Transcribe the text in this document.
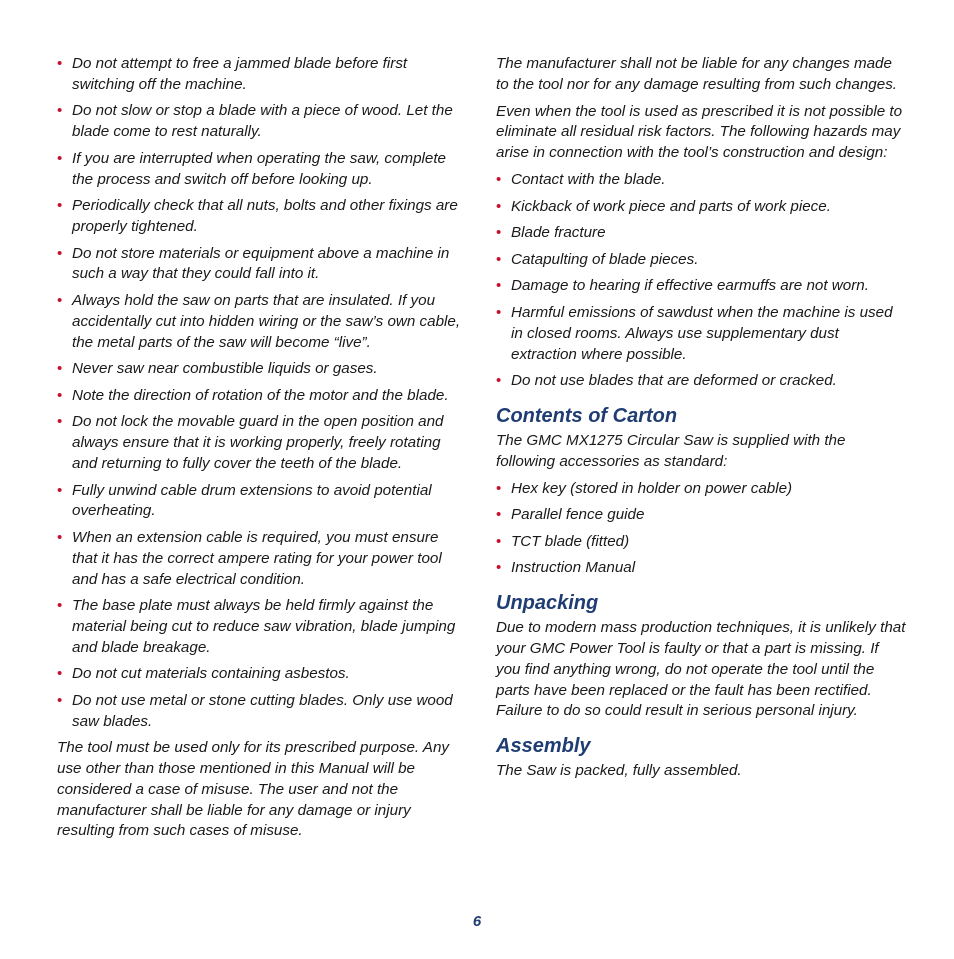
• Do not attempt to free a jammed blade before first switching off the machine.
• Do not slow or stop a blade with a piece of wood. Let the blade come to rest naturally.
• If you are interrupted when operating the saw, complete the process and switch off before looking up.
• Periodically check that all nuts, bolts and other fixings are properly tightened.
• Do not store materials or equipment above a machine in such a way that they could fall into it.
• Always hold the saw on parts that are insulated. If you accidentally cut into hidden wiring or the saw’s own cable, the metal parts of the saw will become “live”.
• Never saw near combustible liquids or gases.
• Note the direction of rotation of the motor and the blade.
• Do not lock the movable guard in the open position and always ensure that it is working properly, freely rotating and returning to fully cover the teeth of the blade.
• Fully unwind cable drum extensions to avoid potential overheating.
• When an extension cable is required, you must ensure that it has the correct ampere rating for your power tool and has a safe electrical condition.
• The base plate must always be held firmly against the material being cut to reduce saw vibration, blade jumping and blade breakage.
• Do not cut materials containing asbestos.
• Do not use metal or stone cutting blades. Only use wood saw blades.

The tool must be used only for its prescribed purpose. Any use other than those mentioned in this Manual will be considered a case of misuse. The user and not the manufacturer shall be liable for any damage or injury resulting from such cases of misuse.

The manufacturer shall not be liable for any changes made to the tool nor for any damage resulting from such changes.

Even when the tool is used as prescribed it is not possible to eliminate all residual risk factors. The following hazards may arise in connection with the tool’s construction and design:

• Contact with the blade.
• Kickback of work piece and parts of work piece.
• Blade fracture
• Catapulting of blade pieces.
• Damage to hearing if effective earmuffs are not worn.
• Harmful emissions of sawdust when the machine is used in closed rooms. Always use supplementary dust extraction where possible.
• Do not use blades that are deformed or cracked.
Contents of Carton

The GMC MX1275 Circular Saw is supplied with the following accessories as standard:

• Hex key (stored in holder on power cable)
• Parallel fence guide
• TCT blade (fitted)
• Instruction Manual
Unpacking

Due to modern mass production techniques, it is unlikely that your GMC Power Tool is faulty or that a part is missing. If you find anything wrong, do not operate the tool until the parts have been replaced or the fault has been rectified. Failure to do so could result in serious personal injury.

Assembly

The Saw is packed, fully assembled.

6
